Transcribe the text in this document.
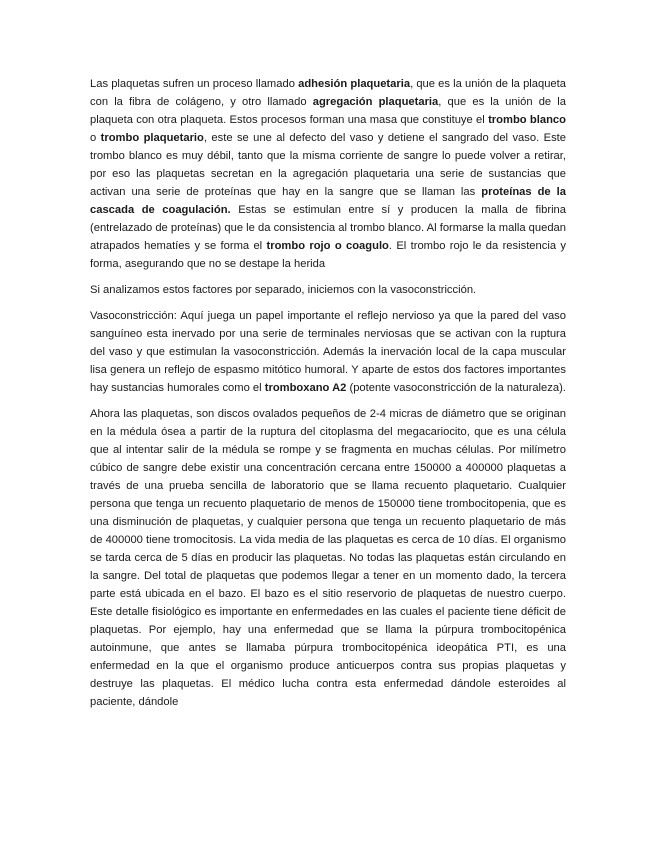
Las plaquetas sufren un proceso llamado adhesión plaquetaria, que es la unión de la plaqueta con la fibra de colágeno, y otro llamado agregación plaquetaria, que es la unión de la plaqueta con otra plaqueta. Estos procesos forman una masa que constituye el trombo blanco o trombo plaquetario, este se une al defecto del vaso y detiene el sangrado del vaso. Este trombo blanco es muy débil, tanto que la misma corriente de sangre lo puede volver a retirar, por eso las plaquetas secretan en la agregación plaquetaria una serie de sustancias que activan una serie de proteínas que hay en la sangre que se llaman las proteínas de la cascada de coagulación. Estas se estimulan entre sí y producen la malla de fibrina (entrelazado de proteínas) que le da consistencia al trombo blanco. Al formarse la malla quedan atrapados hematíes y se forma el trombo rojo o coagulo. El trombo rojo le da resistencia y forma, asegurando que no se destape la herida

Si analizamos estos factores por separado, iniciemos con la vasoconstricción.

Vasoconstricción: Aquí juega un papel importante el reflejo nervioso ya que la pared del vaso sanguíneo esta inervado por una serie de terminales nerviosas que se activan con la ruptura del vaso y que estimulan la vasoconstricción. Además la inervación local de la capa muscular lisa genera un reflejo de espasmo mitótico humoral. Y aparte de estos dos factores importantes hay sustancias humorales como el tromboxano A2 (potente vasoconstricción de la naturaleza).

Ahora las plaquetas, son discos ovalados pequeños de 2-4 micras de diámetro que se originan en la médula ósea a partir de la ruptura del citoplasma del megacariocito, que es una célula que al intentar salir de la médula se rompe y se fragmenta en muchas células. Por milímetro cúbico de sangre debe existir una concentración cercana entre 150000 a 400000 plaquetas a través de una prueba sencilla de laboratorio que se llama recuento plaquetario. Cualquier persona que tenga un recuento plaquetario de menos de 150000 tiene trombocitopenia, que es una disminución de plaquetas, y cualquier persona que tenga un recuento plaquetario de más de 400000 tiene tromocitosis. La vida media de las plaquetas es cerca de 10 días. El organismo se tarda cerca de 5 días en producir las plaquetas. No todas las plaquetas están circulando en la sangre. Del total de plaquetas que podemos llegar a tener en un momento dado, la tercera parte está ubicada en el bazo. El bazo es el sitio reservorio de plaquetas de nuestro cuerpo. Este detalle fisiológico es importante en enfermedades en las cuales el paciente tiene déficit de plaquetas. Por ejemplo, hay una enfermedad que se llama la púrpura trombocitopénica autoinmune, que antes se llamaba púrpura trombocitopénica ideopática PTI, es una enfermedad en la que el organismo produce anticuerpos contra sus propias plaquetas y destruye las plaquetas. El médico lucha contra esta enfermedad dándole esteroides al paciente, dándole
